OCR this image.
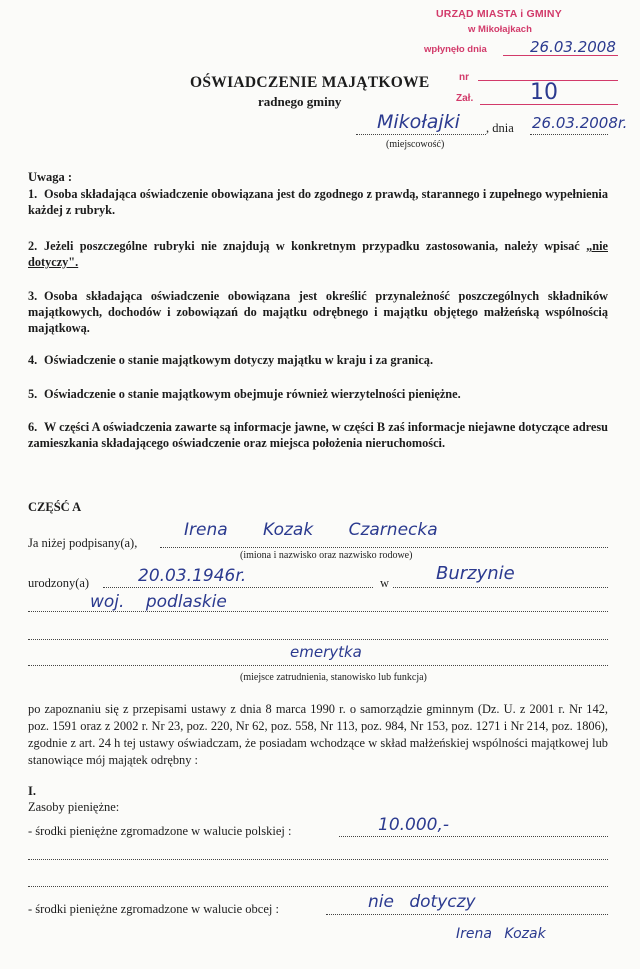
URZĄD MIASTA i GMINY
w Mikołajkach
wpłynęło dnia	26.03.2008
nr
Zał.	10
OŚWIADCZENIE MAJĄTKOWE
radnego gminy
Mikołajki , dnia 26.03.2008r.
(miejscowość)
Uwaga :
1. Osoba składająca oświadczenie obowiązana jest do zgodnego z prawdą, starannego i zupełnego wypełnienia każdej z rubryk.
2. Jeżeli poszczególne rubryki nie znajdują w konkretnym przypadku zastosowania, należy wpisać „nie dotyczy".
3. Osoba składająca oświadczenie obowiązana jest określić przynależność poszczególnych składników majątkowych, dochodów i zobowiązań do majątku odrębnego i majątku objętego małżeńską wspólnością majątkową.
4. Oświadczenie o stanie majątkowym dotyczy majątku w kraju i za granicą.
5. Oświadczenie o stanie majątkowym obejmuje również wierzytelności pieniężne.
6. W części A oświadczenia zawarte są informacje jawne, w części B zaś informacje niejawne dotyczące adresu zamieszkania składającego oświadczenie oraz miejsca położenia nieruchomości.
CZĘŚĆ A
Ja niżej podpisany(a),
Irena Kozak Czarnecka
(imiona i nazwisko oraz nazwisko rodowe)
urodzony(a)	20.03.1946r.	w	Burzynie
woj. podlaskie
emerytka
(miejsce zatrudnienia, stanowisko lub funkcja)
po zapoznaniu się z przepisami ustawy z dnia 8 marca 1990 r. o samorządzie gminnym (Dz. U. z 2001 r. Nr 142, poz. 1591 oraz z 2002 r. Nr 23, poz. 220, Nr 62, poz. 558, Nr 113, poz. 984, Nr 153, poz. 1271 i Nr 214, poz. 1806), zgodnie z art. 24 h tej ustawy oświadczam, że posiadam wchodzące w skład małżeńskiej wspólności majątkowej lub stanowiące mój majątek odrębny :
I.
Zasoby pieniężne:
- środki pieniężne zgromadzone w walucie polskiej :	10.000,-
- środki pieniężne zgromadzone w walucie obcej :	nie dotyczy
Irena Kozak
